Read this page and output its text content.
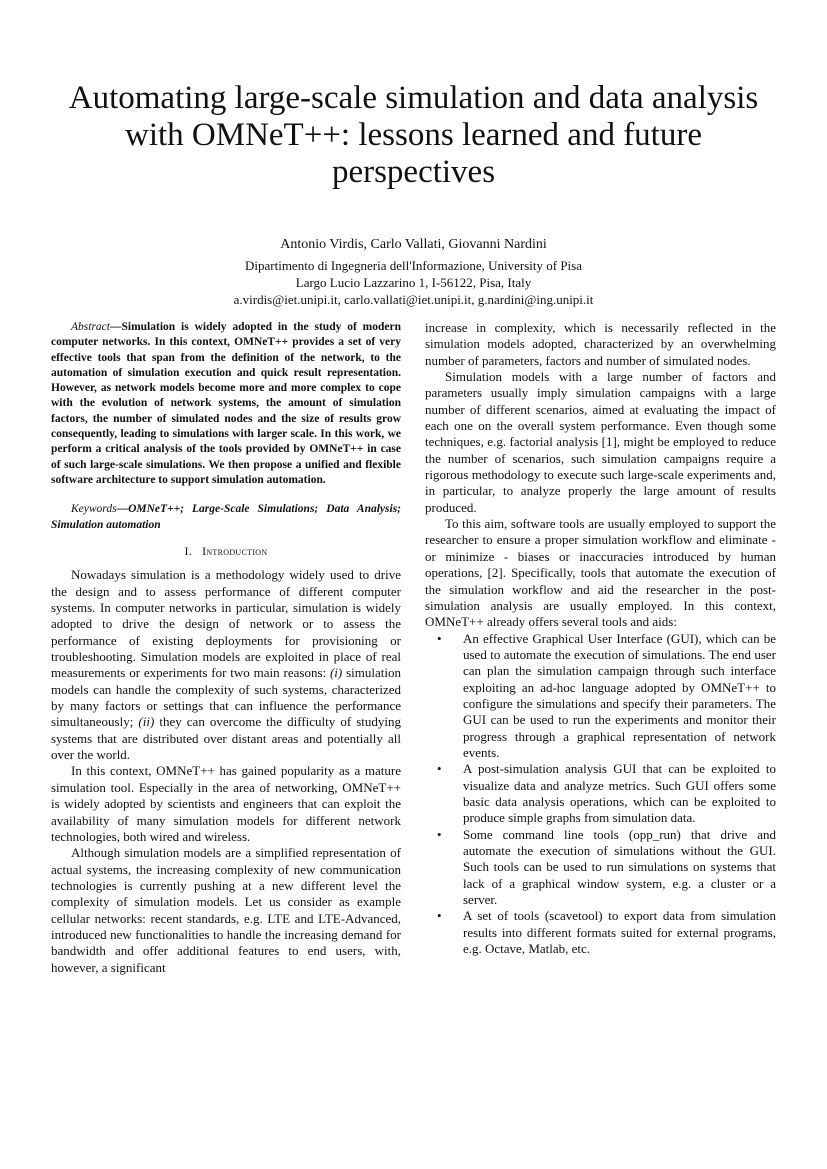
Automating large-scale simulation and data analysis
with OMNeT++: lessons learned and future
perspectives
Antonio Virdis, Carlo Vallati, Giovanni Nardini
Dipartimento di Ingegneria dell'Informazione, University of Pisa
Largo Lucio Lazzarino 1, I-56122, Pisa, Italy
a.virdis@iet.unipi.it, carlo.vallati@iet.unipi.it, g.nardini@ing.unipi.it

Abstract—Simulation is widely adopted in the study of modern computer networks. In this context, OMNeT++ provides a set of very effective tools that span from the definition of the network, to the automation of simulation execution and quick result representation. However, as network models become more and more complex to cope with the evolution of network systems, the amount of simulation factors, the number of simulated nodes and the size of results grow consequently, leading to simulations with larger scale. In this work, we perform a critical analysis of the tools provided by OMNeT++ in case of such large-scale simulations. We then propose a unified and flexible software architecture to support simulation automation.

Keywords—OMNeT++; Large-Scale Simulations; Data Analysis; Simulation automation

I. Introduction

Nowadays simulation is a methodology widely used to drive the design and to assess performance of different computer systems. In computer networks in particular, simulation is widely adopted to drive the design of network or to assess the performance of existing deployments for provisioning or troubleshooting. Simulation models are exploited in place of real measurements or experiments for two main reasons: (i) simulation models can handle the complexity of such systems, characterized by many factors or settings that can influence the performance simultaneously; (ii) they can overcome the difficulty of studying systems that are distributed over distant areas and potentially all over the world.

In this context, OMNeT++ has gained popularity as a mature simulation tool. Especially in the area of networking, OMNeT++ is widely adopted by scientists and engineers that can exploit the availability of many simulation models for different network technologies, both wired and wireless.

Although simulation models are a simplified representation of actual systems, the increasing complexity of new communication technologies is currently pushing at a new different level the complexity of simulation models. Let us consider as example cellular networks: recent standards, e.g. LTE and LTE-Advanced, introduced new functionalities to handle the increasing demand for bandwidth and offer additional features to end users, with, however, a significant

increase in complexity, which is necessarily reflected in the simulation models adopted, characterized by an overwhelming number of parameters, factors and number of simulated nodes.

Simulation models with a large number of factors and parameters usually imply simulation campaigns with a large number of different scenarios, aimed at evaluating the impact of each one on the overall system performance. Even though some techniques, e.g. factorial analysis [1], might be employed to reduce the number of scenarios, such simulation campaigns require a rigorous methodology to execute such large-scale experiments and, in particular, to analyze properly the large amount of results produced.

To this aim, software tools are usually employed to support the researcher to ensure a proper simulation workflow and eliminate - or minimize - biases or inaccuracies introduced by human operations, [2]. Specifically, tools that automate the execution of the simulation workflow and aid the researcher in the post-simulation analysis are usually employed. In this context, OMNeT++ already offers several tools and aids:

• An effective Graphical User Interface (GUI), which can be used to automate the execution of simulations. The end user can plan the simulation campaign through such interface exploiting an ad-hoc language adopted by OMNeT++ to configure the simulations and specify their parameters. The GUI can be used to run the experiments and monitor their progress through a graphical representation of network events.
• A post-simulation analysis GUI that can be exploited to visualize data and analyze metrics. Such GUI offers some basic data analysis operations, which can be exploited to produce simple graphs from simulation data.
• Some command line tools (opp_run) that drive and automate the execution of simulations without the GUI. Such tools can be used to run simulations on systems that lack of a graphical window system, e.g. a cluster or a server.
• A set of tools (scavetool) to export data from simulation results into different formats suited for external programs, e.g. Octave, Matlab, etc.
